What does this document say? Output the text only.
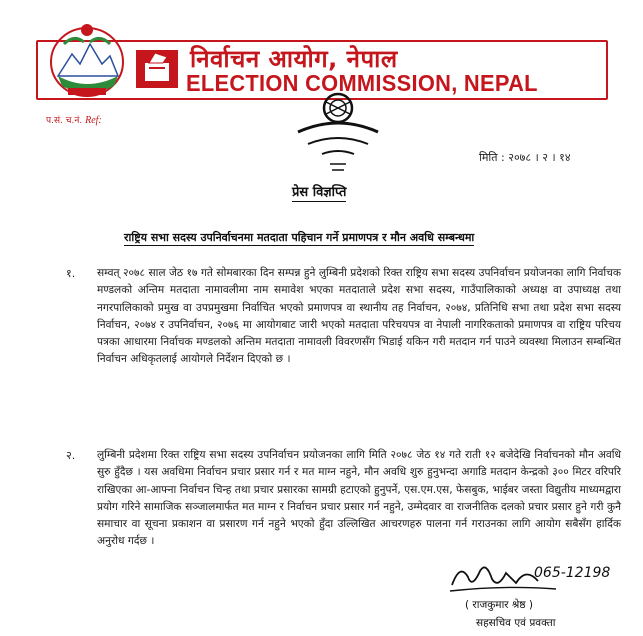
निर्वाचन आयोग, नेपाल
ELECTION COMMISSION, NEPAL
प.सं. च.नं. Ref:
मिति : २०७८ । २ । १४
प्रेस विज्ञप्ति
राष्ट्रिय सभा सदस्य उपनिर्वाचनमा मतदाता पहिचान गर्ने प्रमाणपत्र र मौन अवधि सम्बन्धमा
१. सम्वत् २०७८ साल जेठ १७ गते सोमबारका दिन सम्पन्न हुने लुम्बिनी प्रदेशको रिक्त राष्ट्रिय सभा सदस्य उपनिर्वाचन प्रयोजनका लागि निर्वाचक मण्डलको अन्तिम मतदाता नामावलीमा नाम समावेश भएका मतदाताले प्रदेश सभा सदस्य, गाउँपालिकाको अध्यक्ष वा उपाध्यक्ष तथा नगरपालिकाको प्रमुख वा उपप्रमुखमा निर्वाचित भएको प्रमाणपत्र वा स्थानीय तह निर्वाचन, २०७४, प्रतिनिधि सभा तथा प्रदेश सभा सदस्य निर्वाचन, २०७४ र उपनिर्वाचन, २०७६ मा आयोगबाट जारी भएको मतदाता परिचयपत्र वा नेपाली नागरिकताको प्रमाणपत्र वा राष्ट्रिय परिचय पत्रका आधारमा निर्वाचक मण्डलको अन्तिम मतदाता नामावली विवरणसँग भिडाई यकिन गरी मतदान गर्न पाउने व्यवस्था मिलाउन सम्बन्धित निर्वाचन अधिकृतलाई आयोगले निर्देशन दिएको छ ।
२. लुम्बिनी प्रदेशमा रिक्त राष्ट्रिय सभा सदस्य उपनिर्वाचन प्रयोजनका लागि मिति २०७८ जेठ १४ गते राती १२ बजेदेखि निर्वाचनको मौन अवधि सुरु हुँदैछ । यस अवधिमा निर्वाचन प्रचार प्रसार गर्न र मत माग्न नहुने, मौन अवधि शुरु हुनुभन्दा अगाडि मतदान केन्द्रको ३०० मिटर वरिपरि राखिएका आ-आफ्ना निर्वाचन चिन्ह तथा प्रचार प्रसारका सामग्री हटाएको हुनुपर्ने, एस.एम.एस, फेसबुक, भाईबर जस्ता विद्युतीय माध्यमद्वारा प्रयोग गरिने सामाजिक सञ्जालमार्फत मत माग्न र निर्वाचन प्रचार प्रसार गर्न नहुने, उम्मेदवार वा राजनीतिक दलको प्रचार प्रसार हुने गरी कुनै समाचार वा सूचना प्रकाशन वा प्रसारण गर्न नहुने भएकाे हुँदा उल्लिखित आचरणहरु पालना गर्न गराउनका लागि आयोग सबैसँग हार्दिक अनुरोध गर्दछ ।
065-12198
( राजकुमार श्रेष्ठ )
सहसचिव एवं प्रवक्ता
